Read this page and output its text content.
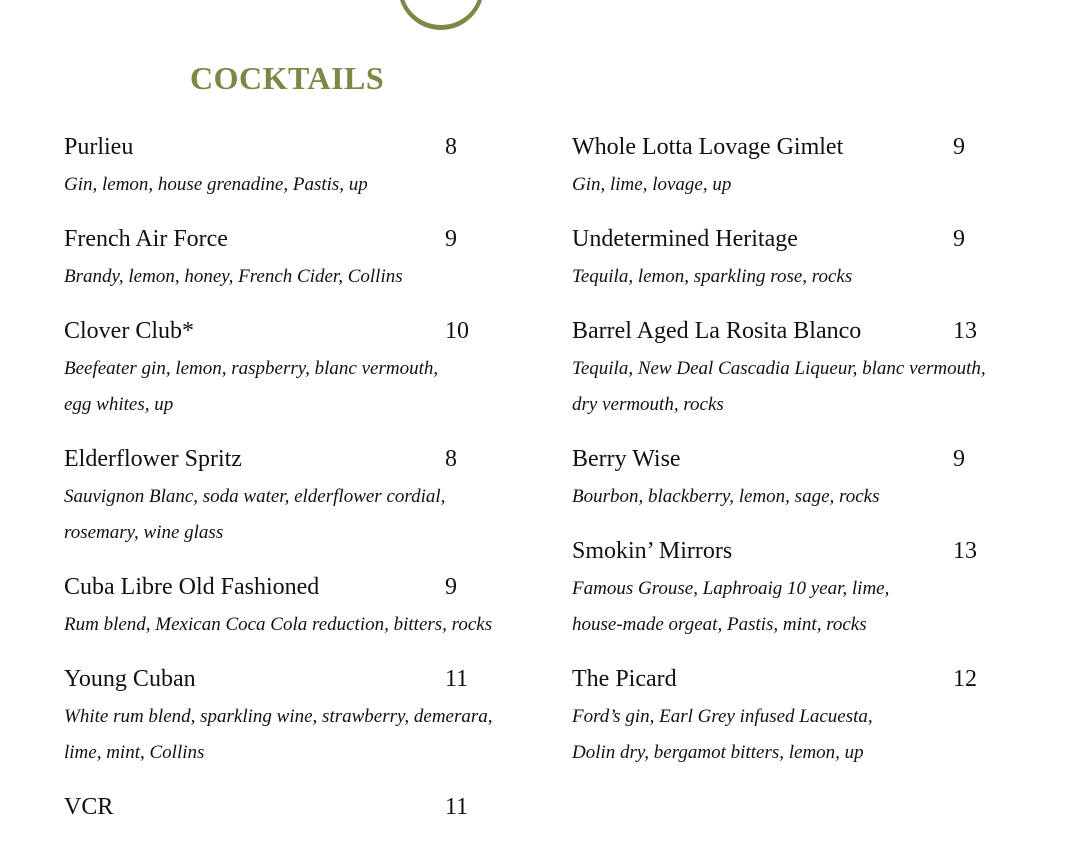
COCKTAILS
Purlieu	8
Gin, lemon, house grenadine, Pastis, up
French Air Force	9
Brandy, lemon, honey, French Cider, Collins
Clover Club*	10
Beefeater gin, lemon, raspberry, blanc vermouth,
egg whites, up
Elderflower Spritz	8
Sauvignon Blanc, soda water, elderflower cordial,
rosemary, wine glass
Cuba Libre Old Fashioned	9
Rum blend, Mexican Coca Cola reduction, bitters, rocks
Young Cuban	11
White rum blend, sparkling wine, strawberry, demerara,
lime, mint, Collins
VCR	11
Whole Lotta Lovage Gimlet	9
Gin, lime, lovage, up
Undetermined Heritage	9
Tequila, lemon, sparkling rose, rocks
Barrel Aged La Rosita Blanco	13
Tequila, New Deal Cascadia Liqueur, blanc vermouth,
dry vermouth, rocks
Berry Wise	9
Bourbon, blackberry, lemon, sage, rocks
Smokin’ Mirrors	13
Famous Grouse, Laphroaig 10 year, lime,
house-made orgeat, Pastis, mint, rocks
The Picard	12
Ford’s gin, Earl Grey infused Lacuesta,
Dolin dry, bergamot bitters, lemon, up
